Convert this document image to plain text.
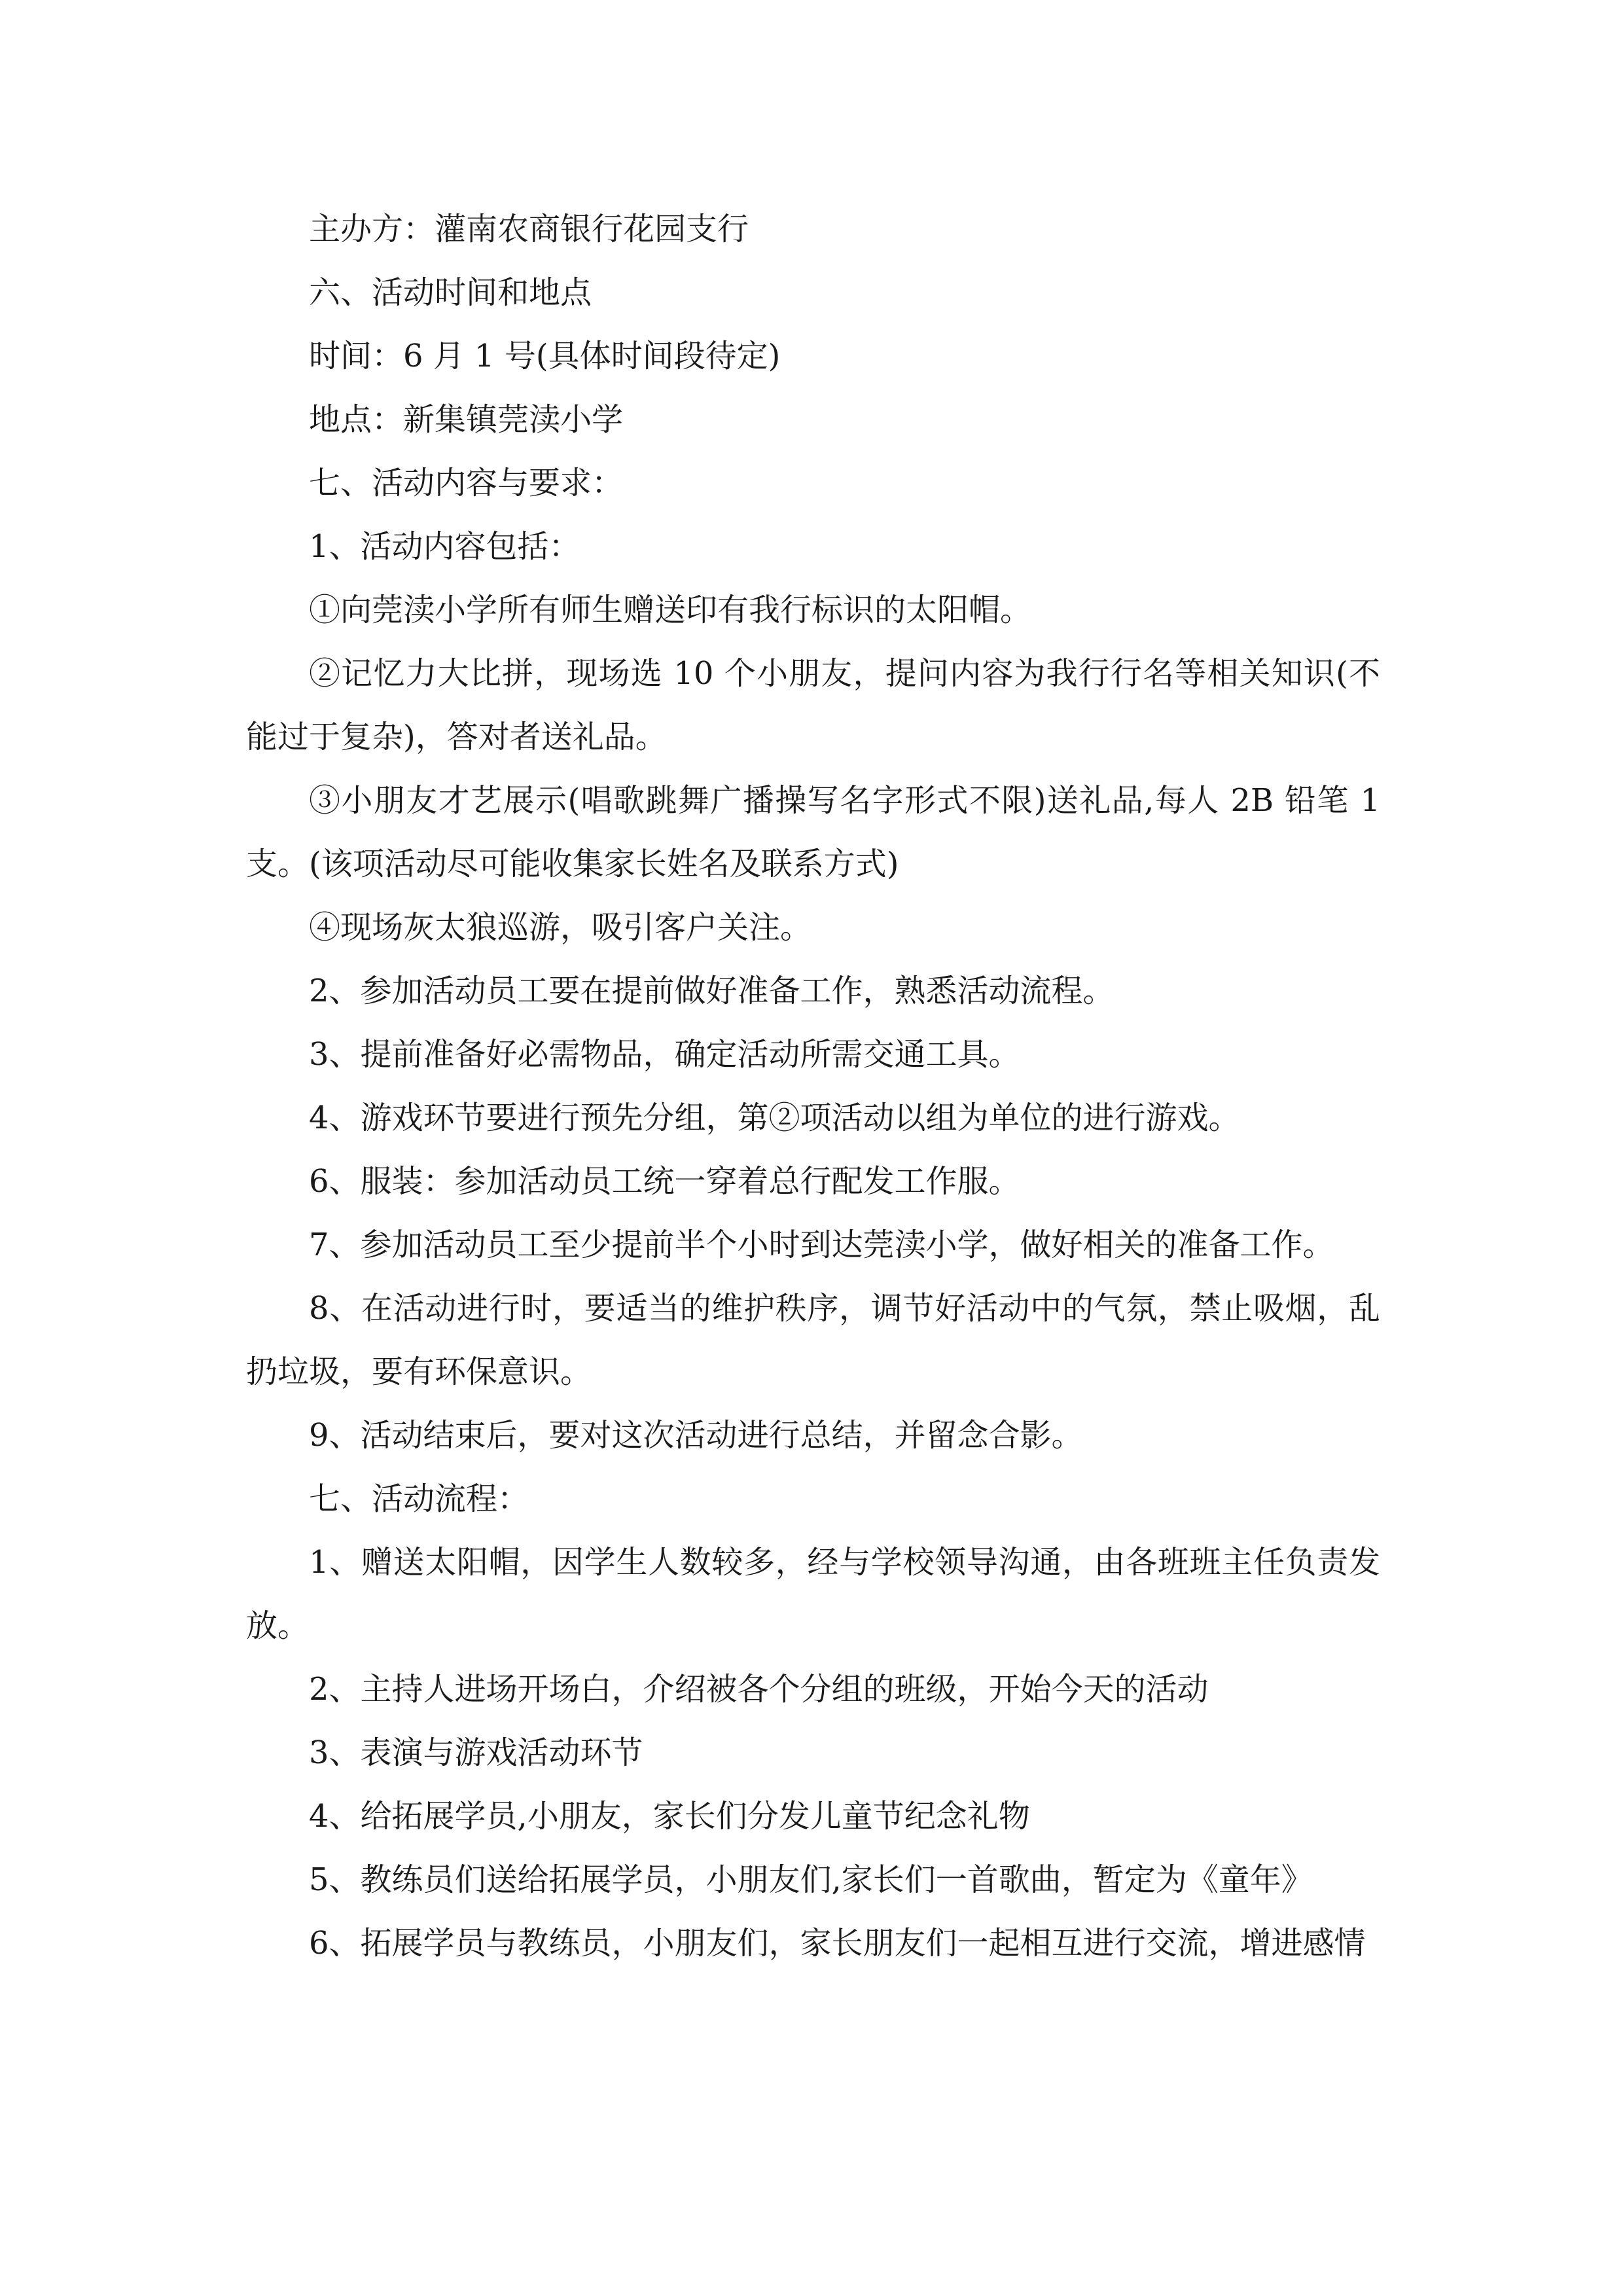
主办方：灌南农商银行花园支行

六、活动时间和地点

时间：6 月 1 号(具体时间段待定)

地点：新集镇莞渎小学

七、活动内容与要求：

1、活动内容包括：

①向莞渎小学所有师生赠送印有我行标识的太阳帽。

②记忆力大比拼，现场选 10 个小朋友，提问内容为我行行名等相关知识(不能过于复杂)，答对者送礼品。

③小朋友才艺展示(唱歌跳舞广播操写名字形式不限)送礼品,每人 2B 铅笔 1 支。(该项活动尽可能收集家长姓名及联系方式)

④现场灰太狼巡游，吸引客户关注。

2、参加活动员工要在提前做好准备工作，熟悉活动流程。

3、提前准备好必需物品，确定活动所需交通工具。

4、游戏环节要进行预先分组，第②项活动以组为单位的进行游戏。

6、服装：参加活动员工统一穿着总行配发工作服。

7、参加活动员工至少提前半个小时到达莞渎小学，做好相关的准备工作。

8、在活动进行时，要适当的维护秩序，调节好活动中的气氛，禁止吸烟，乱扔垃圾，要有环保意识。

9、活动结束后，要对这次活动进行总结，并留念合影。

七、活动流程：

1、赠送太阳帽，因学生人数较多，经与学校领导沟通，由各班班主任负责发放。

2、主持人进场开场白，介绍被各个分组的班级，开始今天的活动

3、表演与游戏活动环节

4、给拓展学员,小朋友，家长们分发儿童节纪念礼物

5、教练员们送给拓展学员，小朋友们,家长们一首歌曲，暂定为《童年》

6、拓展学员与教练员，小朋友们，家长朋友们一起相互进行交流，增进感情
